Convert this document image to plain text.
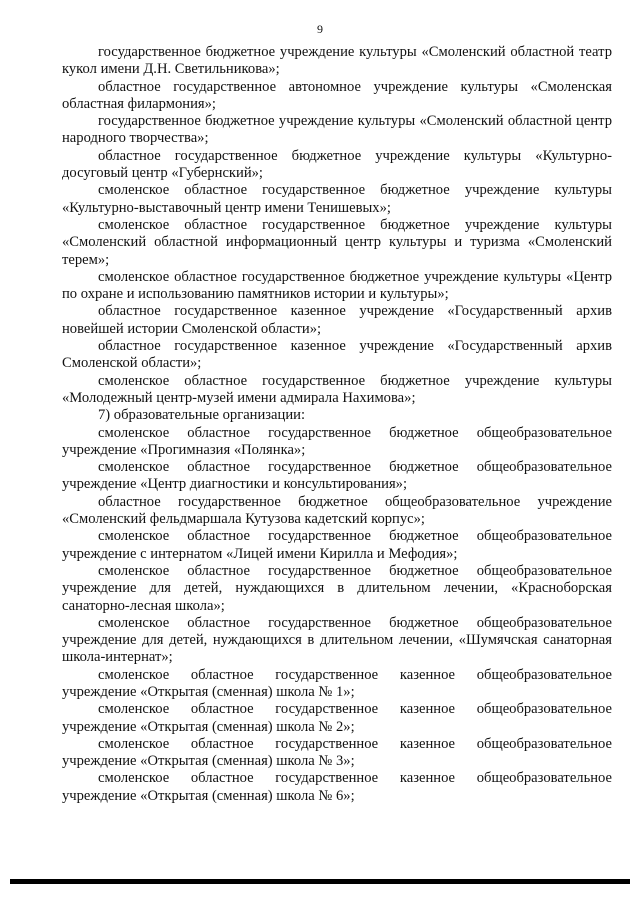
9

государственное бюджетное учреждение культуры «Смоленский областной театр кукол имени Д.Н. Светильникова»;

областное государственное автономное учреждение культуры «Смоленская областная филармония»;

государственное бюджетное учреждение культуры «Смоленский областной центр народного творчества»;

областное государственное бюджетное учреждение культуры «Культурно-досуговый центр «Губернский»;

смоленское областное государственное бюджетное учреждение культуры «Культурно-выставочный центр имени Тенишевых»;

смоленское областное государственное бюджетное учреждение культуры «Смоленский областной информационный центр культуры и туризма «Смоленский терем»;

смоленское областное государственное бюджетное учреждение культуры «Центр по охране и использованию памятников истории и культуры»;

областное государственное казенное учреждение «Государственный архив новейшей истории Смоленской области»;

областное государственное казенное учреждение «Государственный архив Смоленской области»;

смоленское областное государственное бюджетное учреждение культуры «Молодежный центр-музей имени адмирала Нахимова»;

7) образовательные организации:

смоленское областное государственное бюджетное общеобразовательное учреждение «Прогимназия «Полянка»;

смоленское областное государственное бюджетное общеобразовательное учреждение «Центр диагностики и консультирования»;

областное государственное бюджетное общеобразовательное учреждение «Смоленский фельдмаршала Кутузова кадетский корпус»;

смоленское областное государственное бюджетное общеобразовательное учреждение с интернатом «Лицей имени Кирилла и Мефодия»;

смоленское областное государственное бюджетное общеобразовательное учреждение для детей, нуждающихся в длительном лечении, «Красноборская санаторно-лесная школа»;

смоленское областное государственное бюджетное общеобразовательное учреждение для детей, нуждающихся в длительном лечении, «Шумячская санаторная школа-интернат»;

смоленское областное государственное казенное общеобразовательное учреждение «Открытая (сменная) школа № 1»;

смоленское областное государственное казенное общеобразовательное учреждение «Открытая (сменная) школа № 2»;

смоленское областное государственное казенное общеобразовательное учреждение «Открытая (сменная) школа № 3»;

смоленское областное государственное казенное общеобразовательное учреждение «Открытая (сменная) школа № 6»;
